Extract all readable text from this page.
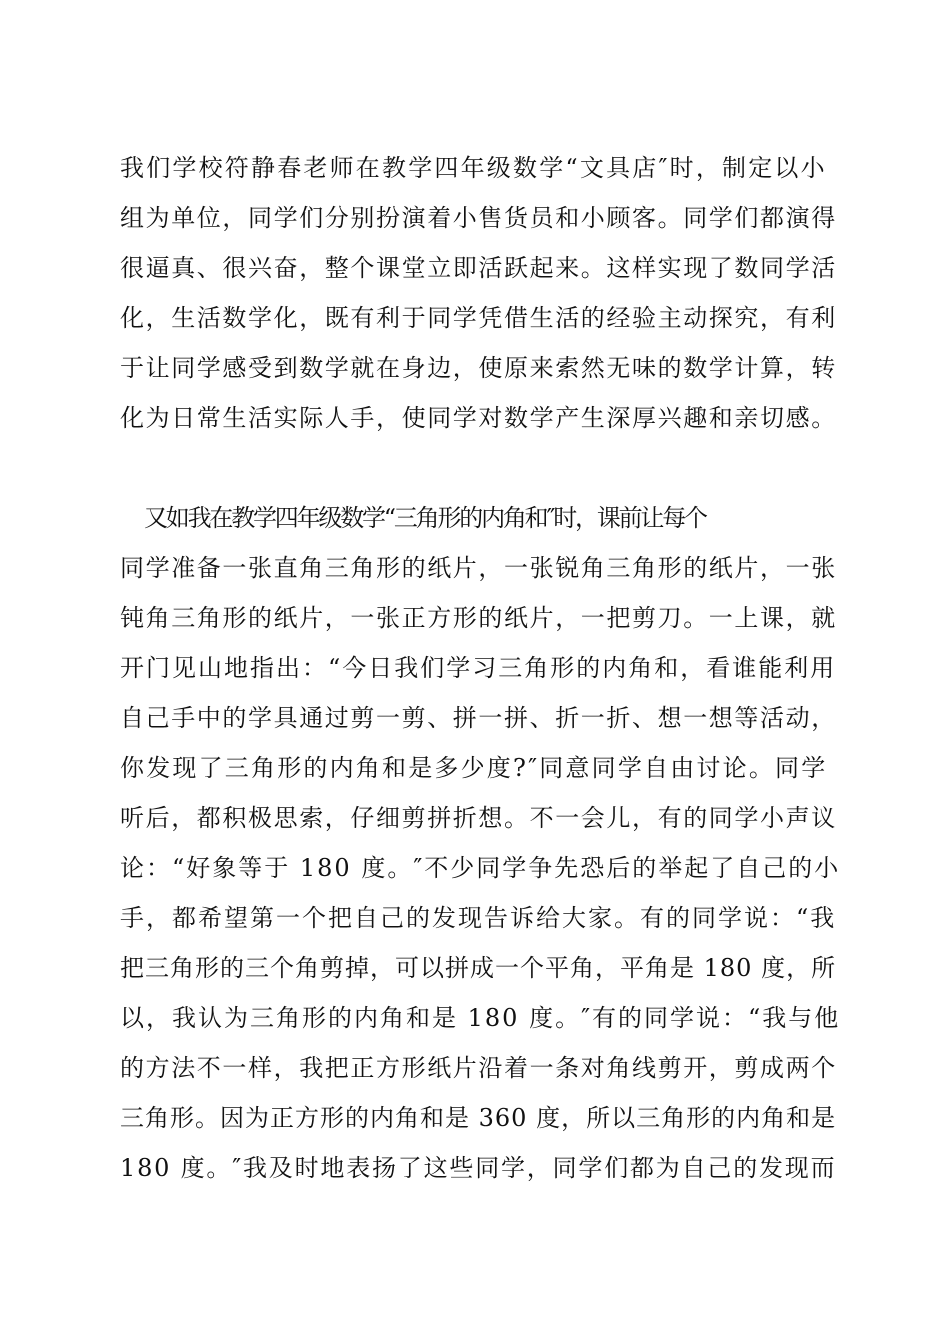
我们学校符静春老师在教学四年级数学“文具店″时，制定以小
组为单位，同学们分别扮演着小售货员和小顾客。同学们都演得
很逼真、很兴奋，整个课堂立即活跃起来。这样实现了数同学活
化，生活数学化，既有利于同学凭借生活的经验主动探究，有利
于让同学感受到数学就在身边，使原来索然无味的数学计算，转
化为日常生活实际人手，使同学对数学产生深厚兴趣和亲切感。
又如我在教学四年级数学“三角形的内角和″时，课前让每个
同学准备一张直角三角形的纸片，一张锐角三角形的纸片，一张
钝角三角形的纸片，一张正方形的纸片，一把剪刀。一上课，就
开门见山地指出：“今日我们学习三角形的内角和，看谁能利用
自己手中的学具通过剪一剪、拼一拼、折一折、想一想等活动，
你发现了三角形的内角和是多少度?″同意同学自由讨论。同学
听后，都积极思索，仔细剪拼折想。不一会儿，有的同学小声议
论：“好象等于 180 度。″不少同学争先恐后的举起了自己的小
手，都希望第一个把自己的发现告诉给大家。有的同学说：“我
把三角形的三个角剪掉，可以拼成一个平角，平角是 180 度，所
以，我认为三角形的内角和是 180 度。″有的同学说：“我与他
的方法不一样，我把正方形纸片沿着一条对角线剪开，剪成两个
三角形。因为正方形的内角和是 360 度，所以三角形的内角和是
180 度。″我及时地表扬了这些同学，同学们都为自己的发现而
